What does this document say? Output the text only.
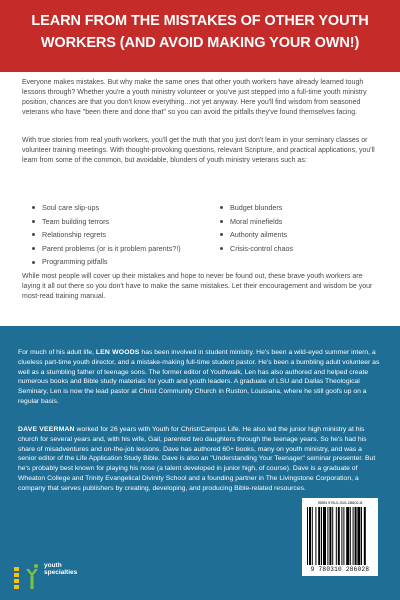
LEARN FROM THE MISTAKES OF OTHER YOUTH
WORKERS (AND AVOID MAKING YOUR OWN!)

Everyone makes mistakes. But why make the same ones that other youth workers have already learned tough lessons through? Whether you're a youth ministry volunteer or you've just stepped into a full-time youth ministry position, chances are that you don't know everything...not yet anyway. Here you'll find wisdom from seasoned veterans who have "been there and done that" so you can avoid the pitfalls they've found themselves facing.

With true stories from real youth workers, you'll get the truth that you just don't learn in your seminary classes or volunteer training meetings. With thought-provoking questions, relevant Scripture, and practical applications, you'll learn from some of the common, but avoidable, blunders of youth ministry veterans such as:

Soul care slip-ups
Team building terrors
Relationship regrets
Parent problems (or is it problem parents?!)
Programming pitfalls
Budget blunders
Moral minefields
Authority ailments
Crisis-control chaos

While most people will cover up their mistakes and hope to never be found out, these brave youth workers are laying it all out there so you don't have to make the same mistakes. Let their encouragement and wisdom be your most-read training manual.

For much of his adult life, LEN WOODS has been involved in student ministry. He's been a wild-eyed summer intern, a clueless part-time youth director, and a mistake-making full-time student pastor. He's been a bumbling adult volunteer as well as a stumbling father of teenage sons. The former editor of Youthwalk, Len has also authored and helped create numerous books and Bible study materials for youth and youth leaders. A graduate of LSU and Dallas Theological Seminary, Len is now the lead pastor at Christ Community Church in Ruston, Louisiana, where he still goofs up on a regular basis.

DAVE VEERMAN worked for 26 years with Youth for Christ/Campus Life. He also led the junior high ministry at his church for several years and, with his wife, Gail, parented two daughters through the teenage years. So he's had his share of misadventures and on-the-job lessons. Dave has authored 60+ books, many on youth ministry, and was a senior editor of the Life Application Study Bible. Dave is also an "Understanding Your Teenager" seminar presenter. But he's probably best known for playing his nose (a talent developed in junior high, of course). Dave is a graduate of Wheaton College and Trinity Evangelical Divinity School and a founding partner in The Livingstone Corporation, a company that serves publishers by creating, developing, and producing Bible-related resources.

youth
specialties
ISBN 978-0-310-28602-8
9 780310 286028
